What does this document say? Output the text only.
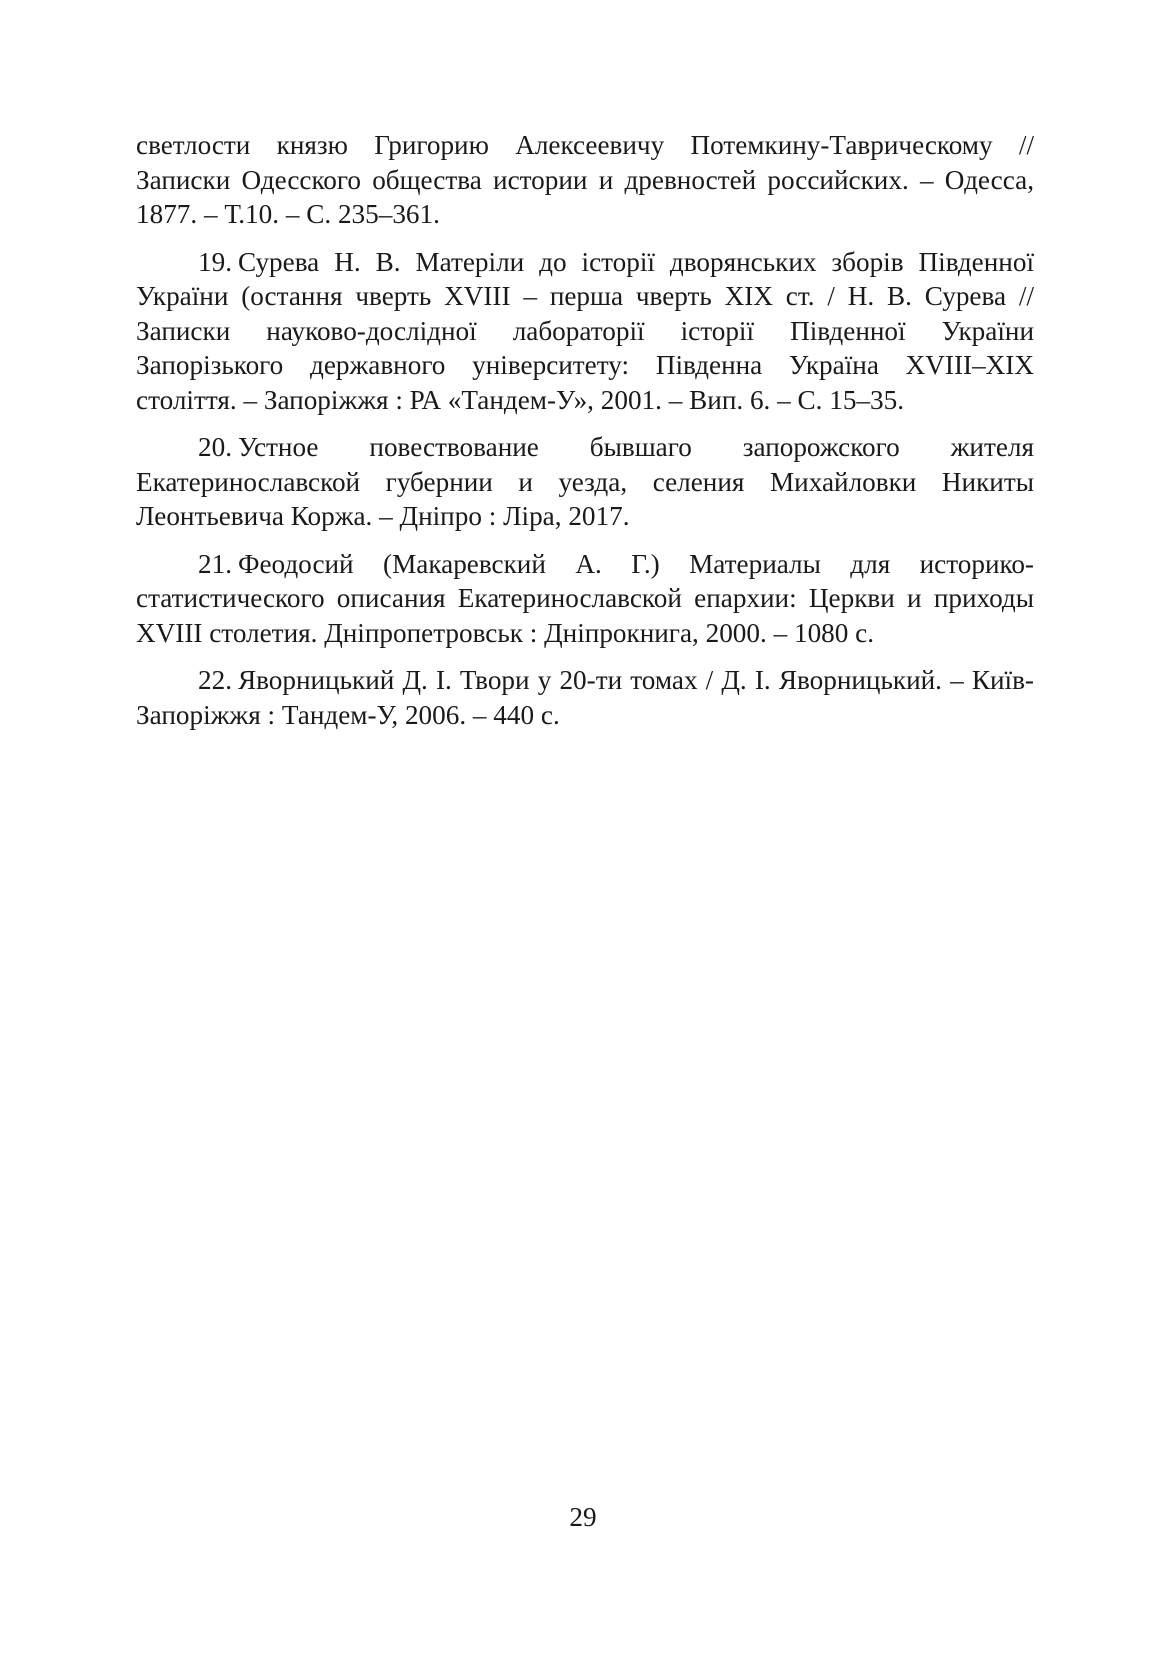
светлости князю Григорию Алексеевичу Потемкину-Таврическому // Записки Одесского общества истории и древностей российских. – Одесса, 1877. – Т.10. – С. 235–361.

19. Сурева Н. В. Матеріли до історії дворянських зборів Південної України (остання чверть XVIII – перша чверть XIX ст. / Н. В. Сурева // Записки науково-дослідної лабораторії історії Південної України Запорізького державного університету: Південна Україна XVIII–XIX століття. – Запоріжжя : РА «Тандем-У», 2001. – Вип. 6. – С. 15–35.

20. Устное повествование бывшаго запорожского жителя Екатеринославской губернии и уезда, селения Михайловки Никиты Леонтьевича Коржа. – Дніпро : Ліра, 2017.

21. Феодосий (Макаревский А. Г.) Материалы для историко-статистического описания Екатеринославской епархии: Церкви и приходы XVIII столетия. Дніпропетровськ : Дніпрокнига, 2000. – 1080 с.

22. Яворницький Д. І. Твори у 20-ти томах / Д. І. Яворницький. – Київ-Запоріжжя : Тандем-У, 2006. – 440 с.

29
